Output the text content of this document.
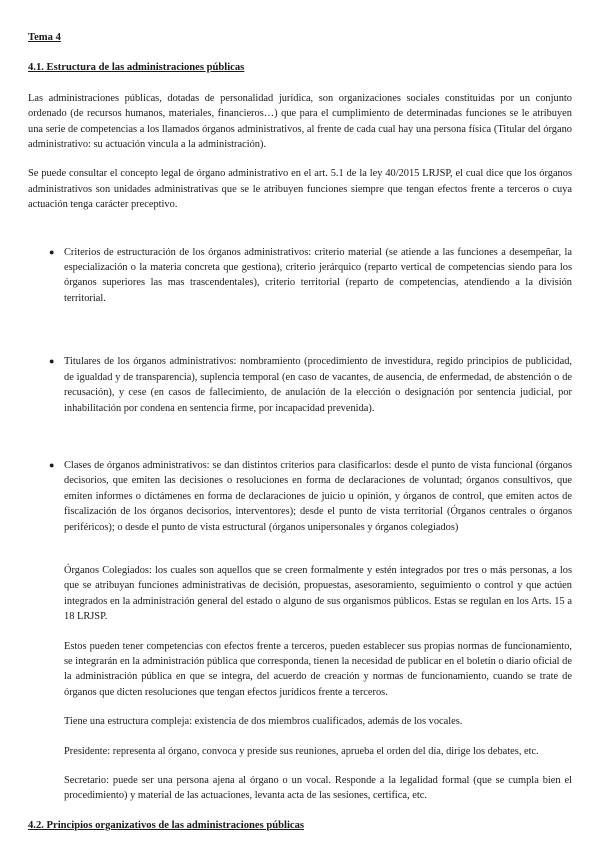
Tema 4
4.1. Estructura de las administraciones públicas

Las administraciones públicas, dotadas de personalidad jurídica, son organizaciones sociales constituidas por un conjunto ordenado (de recursos humanos, materiales, financieros…) que para el cumplimiento de determinadas funciones se le atribuyen una serie de competencias a los llamados órganos administrativos, al frente de cada cual hay una persona física (Titular del órgano administrativo: su actuación vincula a la administración).

Se puede consultar el concepto legal de órgano administrativo en el art. 5.1 de la ley 40/2015 LRJSP, el cual dice que los órganos administrativos son unidades administrativas que se le atribuyen funciones siempre que tengan efectos frente a terceros o cuya actuación tenga carácter preceptivo.

● Criterios de estructuración de los órganos administrativos: criterio material (se atiende a las funciones a desempeñar, la especialización o la materia concreta que gestiona), criterio jerárquico (reparto vertical de competencias siendo para los órganos superiores las mas trascendentales), criterio territorial (reparto de competencias, atendiendo a la división territorial.
● Titulares de los órganos administrativos: nombramiento (procedimiento de investidura, regido principios de publicidad, de igualdad y de transparencia), suplencia temporal (en caso de vacantes, de ausencia, de enfermedad, de abstención o de recusación), y cese (en casos de fallecimiento, de anulación de la elección o designación por sentencia judicial, por inhabilitación por condena en sentencia firme, por incapacidad prevenida).
● Clases de órganos administrativos: se dan distintos criterios para clasificarlos: desde el punto de vista funcional (órganos decisorios, que emiten las decisiones o resoluciones en forma de declaraciones de voluntad; órganos consultivos, que emiten informes o dictámenes en forma de declaraciones de juicio u opinión, y órganos de control, que emiten actos de fiscalización de los órganos decisorios, interventores); desde el punto de vista territorial (Órganos centrales o órganos periféricos); o desde el punto de vista estructural (órganos unipersonales y órganos colegiados)

Órganos Colegiados: los cuales son aquellos que se creen formalmente y estén integrados por tres o más personas, a los que se atribuyan funciones administrativas de decisión, propuestas, asesoramiento, seguimiento o control y que actúen integrados en la administración general del estado o alguno de sus organismos públicos. Estas se regulan en los Arts. 15 a 18 LRJSP.

Estos pueden tener competencias con efectos frente a terceros, pueden establecer sus propias normas de funcionamiento, se integrarán en la administración pública que corresponda, tienen la necesidad de publicar en el boletín o diario oficial de la administración pública en que se integra, del acuerdo de creación y normas de funcionamiento, cuando se trate de órganos que dicten resoluciones que tengan efectos jurídicos frente a terceros.

Tiene una estructura compleja: existencia de dos miembros cualificados, además de los vocales.

Presidente: representa al órgano, convoca y preside sus reuniones, aprueba el orden del día, dirige los debates, etc.

Secretario: puede ser una persona ajena al órgano o un vocal. Responde a la legalidad formal (que se cumpla bien el procedimiento) y material de las actuaciones, levanta acta de las sesiones, certifica, etc.

4.2. Principios organizativos de las administraciones públicas
